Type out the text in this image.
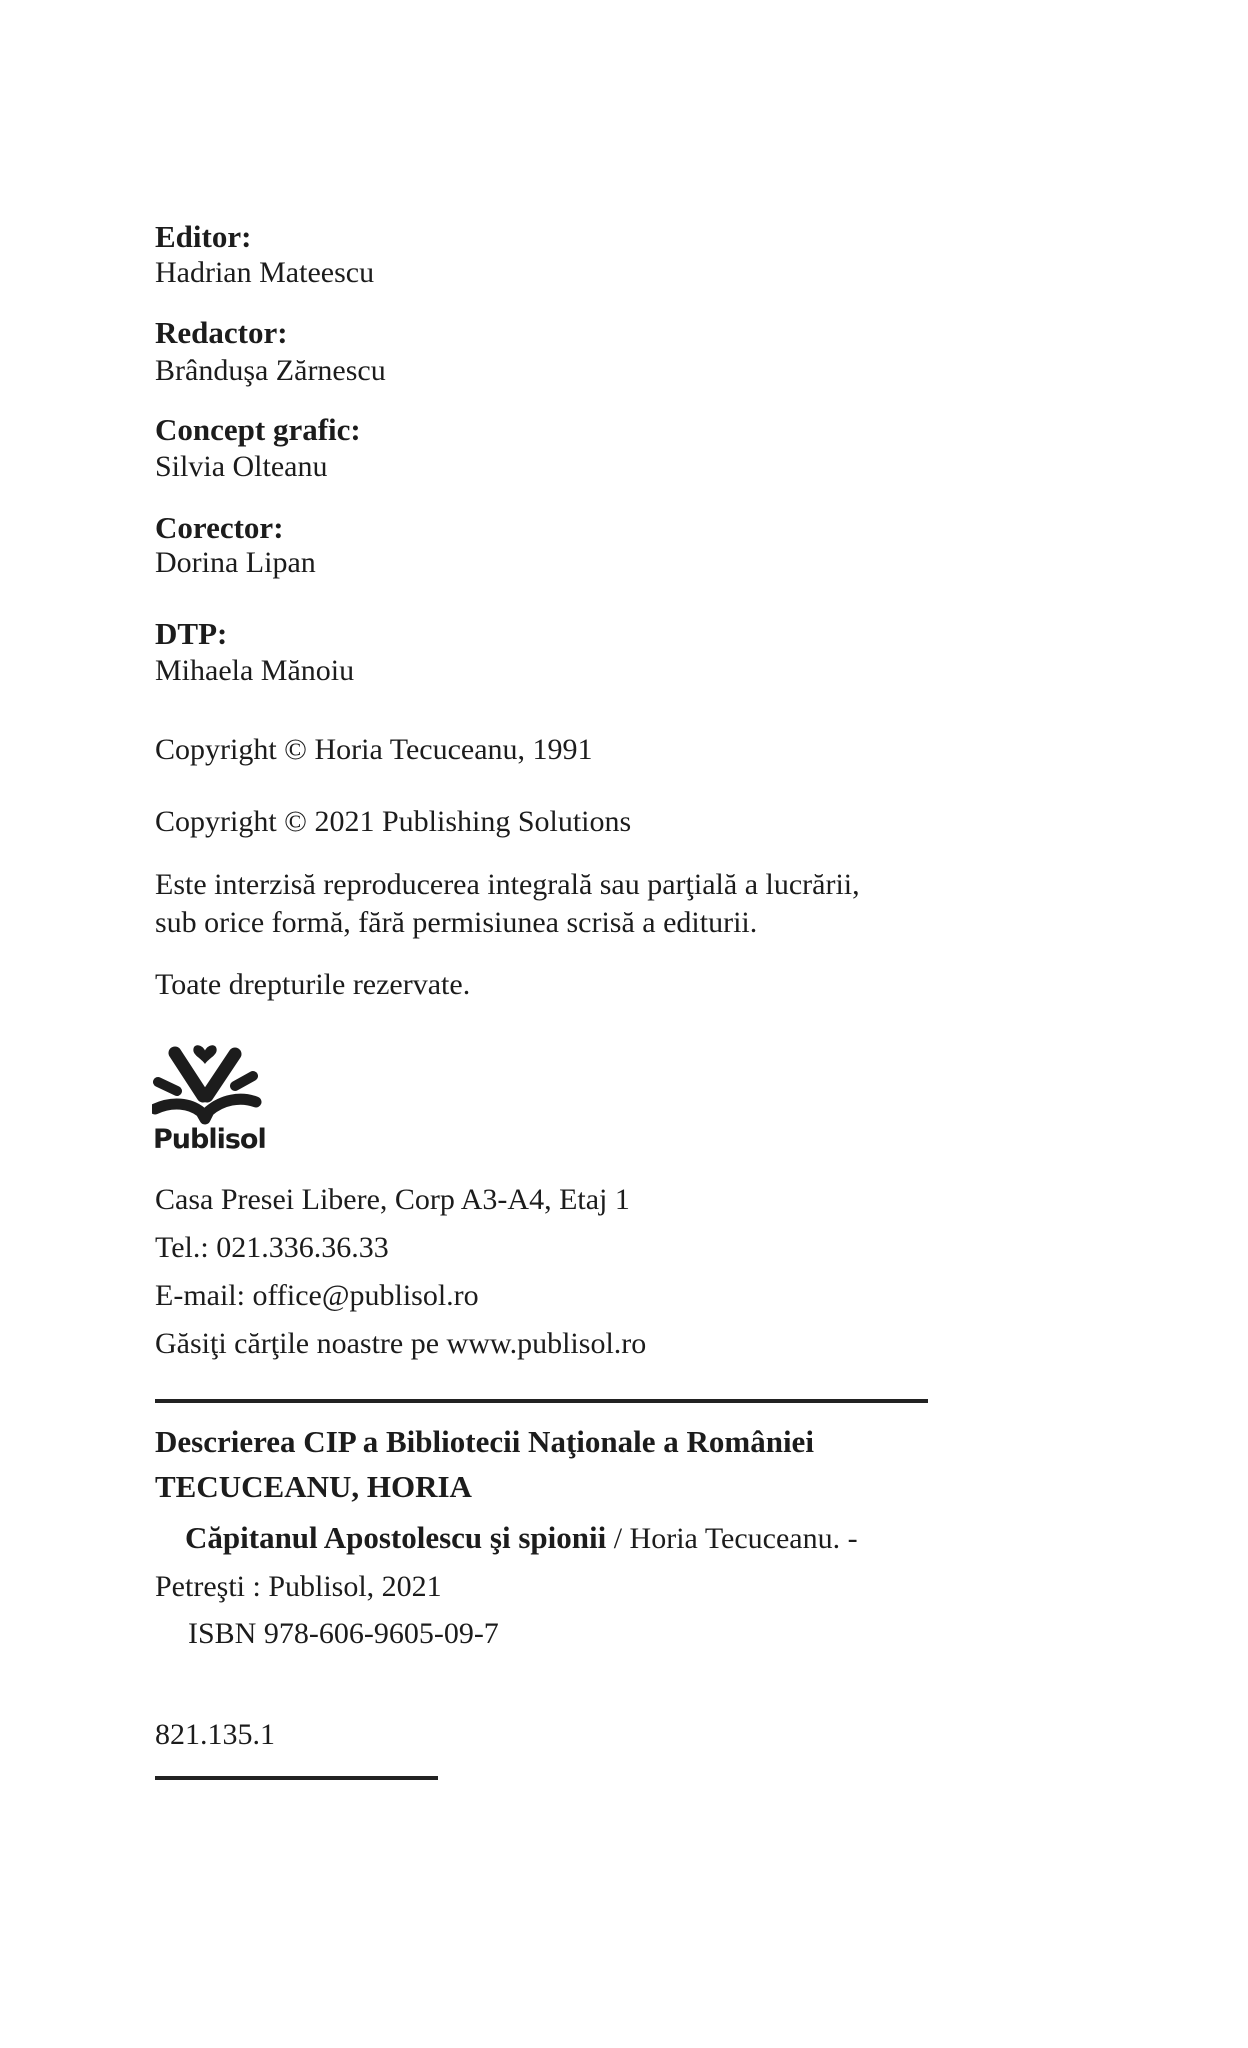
Editor:
Hadrian Mateescu
Redactor:
Brânduşa Zărnescu
Concept grafic:
Silvia Olteanu
Corector:
Dorina Lipan
DTP:
Mihaela Mănoiu
Copyright © Horia Tecuceanu, 1991
Copyright © 2021 Publishing Solutions
Este interzisă reproducerea integrală sau parţială a lucrării,
sub orice formă, fără permisiunea scrisă a editurii.
Toate drepturile rezervate.
Publisol
Casa Presei Libere, Corp A3-A4, Etaj 1
Tel.: 021.336.36.33
E-mail: office@publisol.ro
Găsiţi cărţile noastre pe www.publisol.ro
Descrierea CIP a Bibliotecii Naţionale a României
TECUCEANU, HORIA
Căpitanul Apostolescu şi spionii / Horia Tecuceanu. -
Petreşti : Publisol, 2021
ISBN 978-606-9605-09-7
821.135.1
